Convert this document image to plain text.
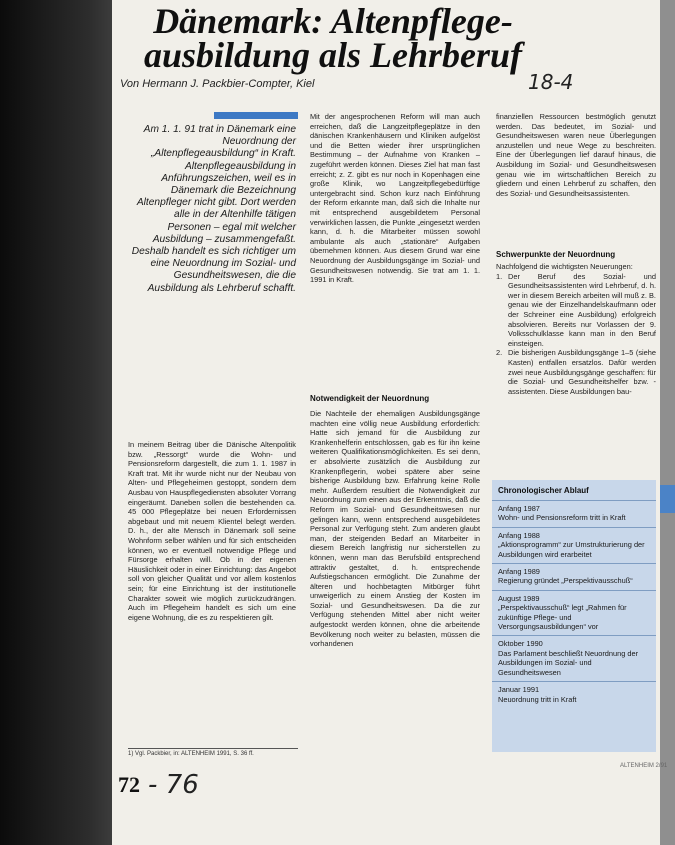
Dänemark: Altenpflege-ausbildung als Lehrberuf
Von Hermann J. Packbier-Compter, Kiel	18-4
Am 1. 1. 91 trat in Dänemark eine Neuordnung der „Altenpflegeausbildung“ in Kraft. Altenpflegeausbildung in Anführungszeichen, weil es in Dänemark die Bezeichnung Altenpfleger nicht gibt. Dort werden alle in der Altenhilfe tätigen Personen – egal mit welcher Ausbildung – zusammengefaßt. Deshalb handelt es sich richtiger um eine Neuordnung im Sozial- und Gesundheitswesen, die die Ausbildung als Lehrberuf schafft.

In meinem Beitrag über die Dänische Altenpolitik bzw. „Ressorgt“ wurde die Wohn- und Pensionsreform dargestellt, die zum 1. 1. 1987 in Kraft trat. Mit ihr wurde nicht nur der Neubau von Alten- und Pflegeheimen gestoppt, sondern dem Ausbau von Hauspflegediensten absoluter Vorrang eingeräumt. Daneben sollen die bestehenden ca. 45 000 Pflegeplätze bei neuen Erfordernissen abgebaut und mit neuem Klientel belegt werden. D. h., der alte Mensch in Dänemark soll seine Wohnform selber wählen und für sich entscheiden können, wo er eventuell notwendige Pflege und Fürsorge erhalten will. Ob in der eigenen Häuslichkeit oder in einer Einrichtung: das Angebot soll von gleicher Qualität und vor allem kostenlos sein; für eine Einrichtung ist der institutionelle Charakter soweit wie möglich zurückzudrängen. Auch im Pflegeheim handelt es sich um eine eigene Wohnung, die es zu respektieren gilt.

Mit der angesprochenen Reform will man auch erreichen, daß die Langzeitpflegeplätze in den dänischen Krankenhäusern und Kliniken aufgelöst und die Betten wieder ihrer ursprünglichen Bestimmung – der Aufnahme von Kranken – zugeführt werden können. Dieses Ziel hat man fast erreicht; z. Z. gibt es nur noch in Kopenhagen eine große Klinik, wo Langzeitpflegebedürftige untergebracht sind. Schon kurz nach Einführung der Reform erkannte man, daß sich die Inhalte nur mit entsprechend ausgebildetem Personal verwirklichen lassen, die Punkte „eingesetzt werden kann, d. h. die Mitarbeiter müssen sowohl ambulante als auch „stationäre“ Aufgaben übernehmen können. Aus diesem Grund war eine Neuordnung der Ausbildungsgänge im Sozial- und Gesundheitswesen notwendig. Sie trat am 1. 1. 1991 in Kraft.

Notwendigkeit der Neuordnung

Die Nachteile der ehemaligen Ausbildungsgänge machten eine völlig neue Ausbildung erforderlich: Hatte sich jemand für die Ausbildung zur Krankenhelferin entschlossen, gab es für ihn keine weiteren Qualifikationsmöglichkeiten. Es sei denn, er absolvierte zusätzlich die Ausbildung zur Krankenpflegerin, wobei spätere aber seine bisherige Ausbildung bzw. Erfahrung keine Rolle mehr. Außerdem resultiert die Notwendigkeit zur Neuordnung zum einen aus der Erkenntnis, daß die Reform im Sozial- und Gesundheitswesen nur gelingen kann, wenn entsprechend ausgebildetes Personal zur Verfügung steht. Zum anderen glaubt man, der steigenden Bedarf an Mitarbeiter in diesem Bereich langfristig nur sicherstellen zu können, wenn man das Berufsbild entsprechend attraktiv gestaltet, d. h. entsprechende Aufstiegschancen ermöglicht. Die Zunahme der älteren und hochbetagten Mitbürger führt unweigerlich zu einem Anstieg der Kosten im Sozial- und Gesundheitswesen. Da die zur Verfügung stehenden Mittel aber nicht weiter aufgestockt werden können, ohne die arbeitende Bevölkerung noch weiter zu belasten, müssen die vorhandenen

finanziellen Ressourcen bestmöglich genutzt werden. Das bedeutet, im Sozial- und Gesundheitswesen waren neue Überlegungen anzustellen und neue Wege zu beschreiten. Eine der Überlegungen lief darauf hinaus, die Ausbildung im Sozial- und Gesundheitswesen genau wie im wirtschaftlichen Bereich zu gliedern und einen Lehrberuf zu schaffen, den des Sozial- und Gesundheitsassistenten.

Schwerpunkte der Neuordnung
Nachfolgend die wichtigsten Neuerungen:
1. Der Beruf des Sozial- und Gesundheitsassistenten wird Lehrberuf, d. h. wer in diesem Bereich arbeiten will muß z. B. genau wie der Einzelhandelskaufmann oder der Schreiner eine Ausbildung) erfolgreich absolvieren. Bereits nur Vorlassen der 9. Volksschulklasse kann man in den Beruf einsteigen.
2. Die bisherigen Ausbildungsgänge 1–5 (siehe Kasten) entfallen ersatzlos. Dafür werden zwei neue Ausbildungsgänge geschaffen: für die Sozial- und Gesundheitshelfer bzw. -assistenten. Diese Ausbildungen bau-
Chronologischer Ablauf
Anfang 1987
Wohn- und Pensionsreform tritt in Kraft
Anfang 1988
„Aktionsprogramm“ zur Umstrukturierung der Ausbildungen wird erarbeitet
Anfang 1989
Regierung gründet „Perspektivausschuß“
August 1989
„Perspektivausschuß“ legt „Rahmen für zukünftige Pflege- und Versorgungsausbildungen“ vor
Oktober 1990
Das Parlament beschließt Neuordnung der Ausbildungen im Sozial- und Gesundheitswesen
Januar 1991
Neuordnung tritt in Kraft
1) Vgl. Packbier, in: ALTENHEIM 1991, S. 36 ff.
72 - 76
ALTENHEIM 2/91
